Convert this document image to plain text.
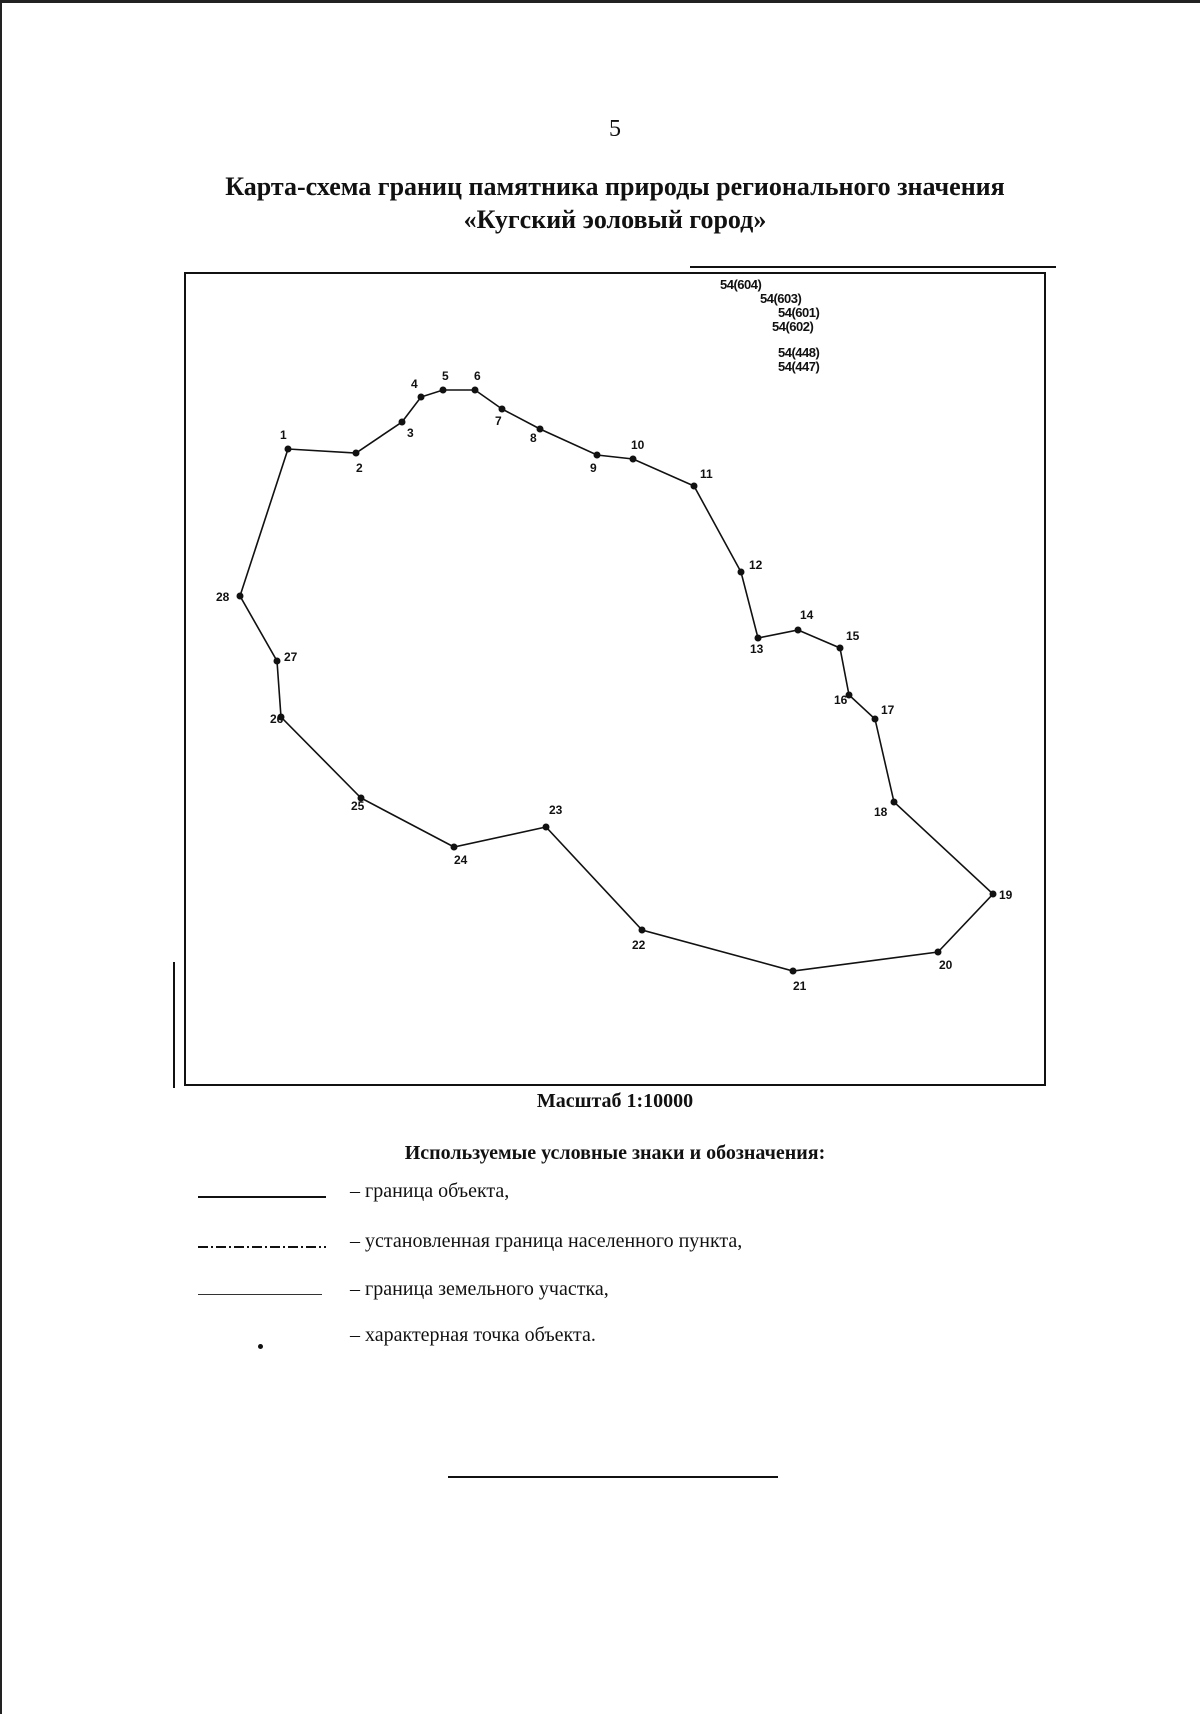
5
Карта-схема границ памятника природы регионального значения
«Кугский эоловый город»
1
2
3
4
5 6
7
8
9
10
11
12
13
14
15
16
17
18
19
20
21
22
23
24
25
26
27
28
54(604)
54(603)
54(601)
54(602)
54(448)
54(447)
Масштаб 1:10000
Используемые условные знаки и обозначения:
– граница объекта,
– установленная граница населенного пункта,
– граница земельного участка,
– характерная точка объекта.
